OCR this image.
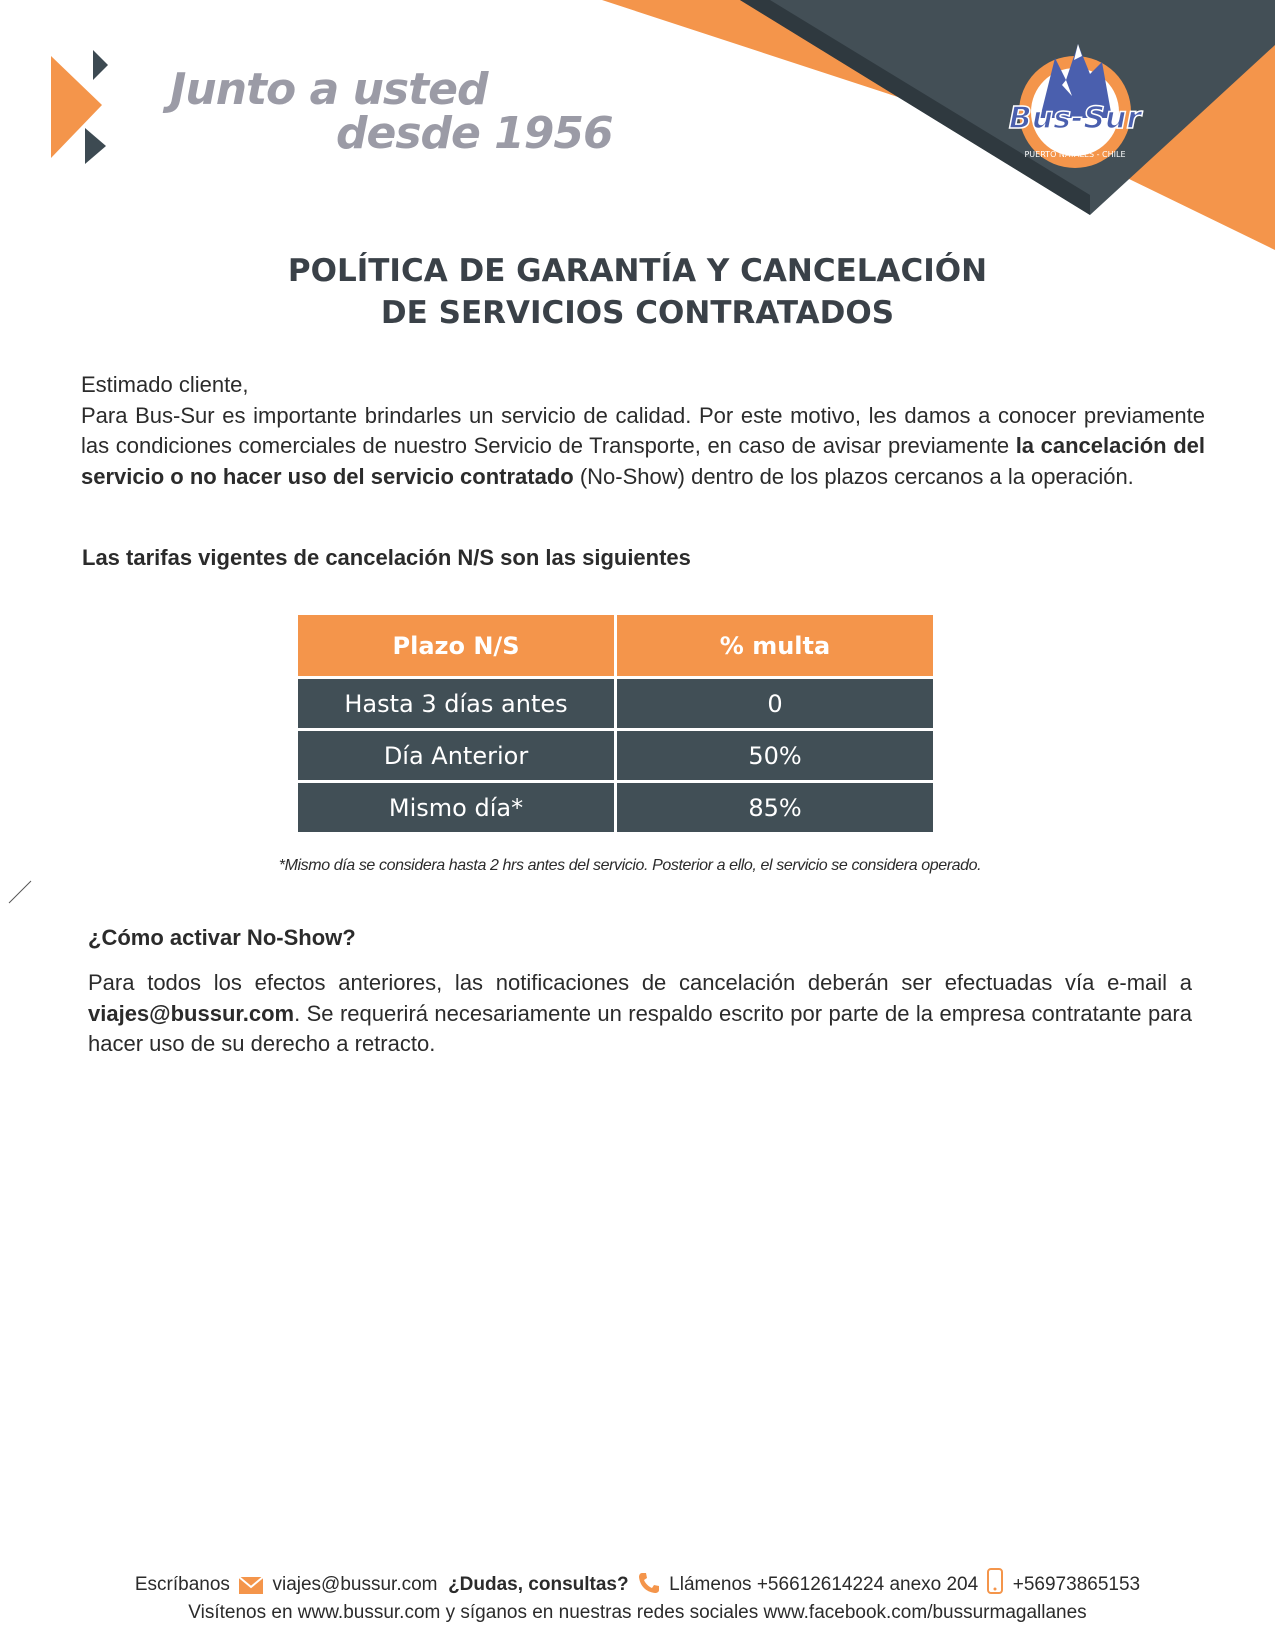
Bus-Sur
PUERTO NATALES - CHILE
Junto a usted
desde 1956
POLÍTICA DE GARANTÍA Y CANCELACIÓN
DE SERVICIOS CONTRATADOS
Estimado cliente,
Para Bus-Sur es importante brindarles un servicio de calidad. Por este motivo, les damos a conocer previamente las condiciones comerciales de nuestro Servicio de Transporte, en caso de avisar previamente la cancelación del servicio o no hacer uso del servicio contratado (No-Show) dentro de los plazos cercanos a la operación.
Las tarifas vigentes de cancelación N/S son las siguientes
Plazo N/S	% multa
Hasta 3 días antes	0
Día Anterior	50%
Mismo día*	85%
*Mismo día se considera hasta 2 hrs antes del servicio. Posterior a ello, el servicio se considera operado.
¿Cómo activar No-Show?
Para todos los efectos anteriores, las notificaciones de cancelación deberán ser efectuadas vía e-mail a viajes@bussur.com. Se requerirá necesariamente un respaldo escrito por parte de la empresa contratante para hacer uso de su derecho a retracto.
Escríbanos viajes@bussur.com ¿Dudas, consultas? Llámenos +56612614224 anexo 204 +56973865153
Visítenos en www.bussur.com y síganos en nuestras redes sociales www.facebook.com/bussurmagallanes
